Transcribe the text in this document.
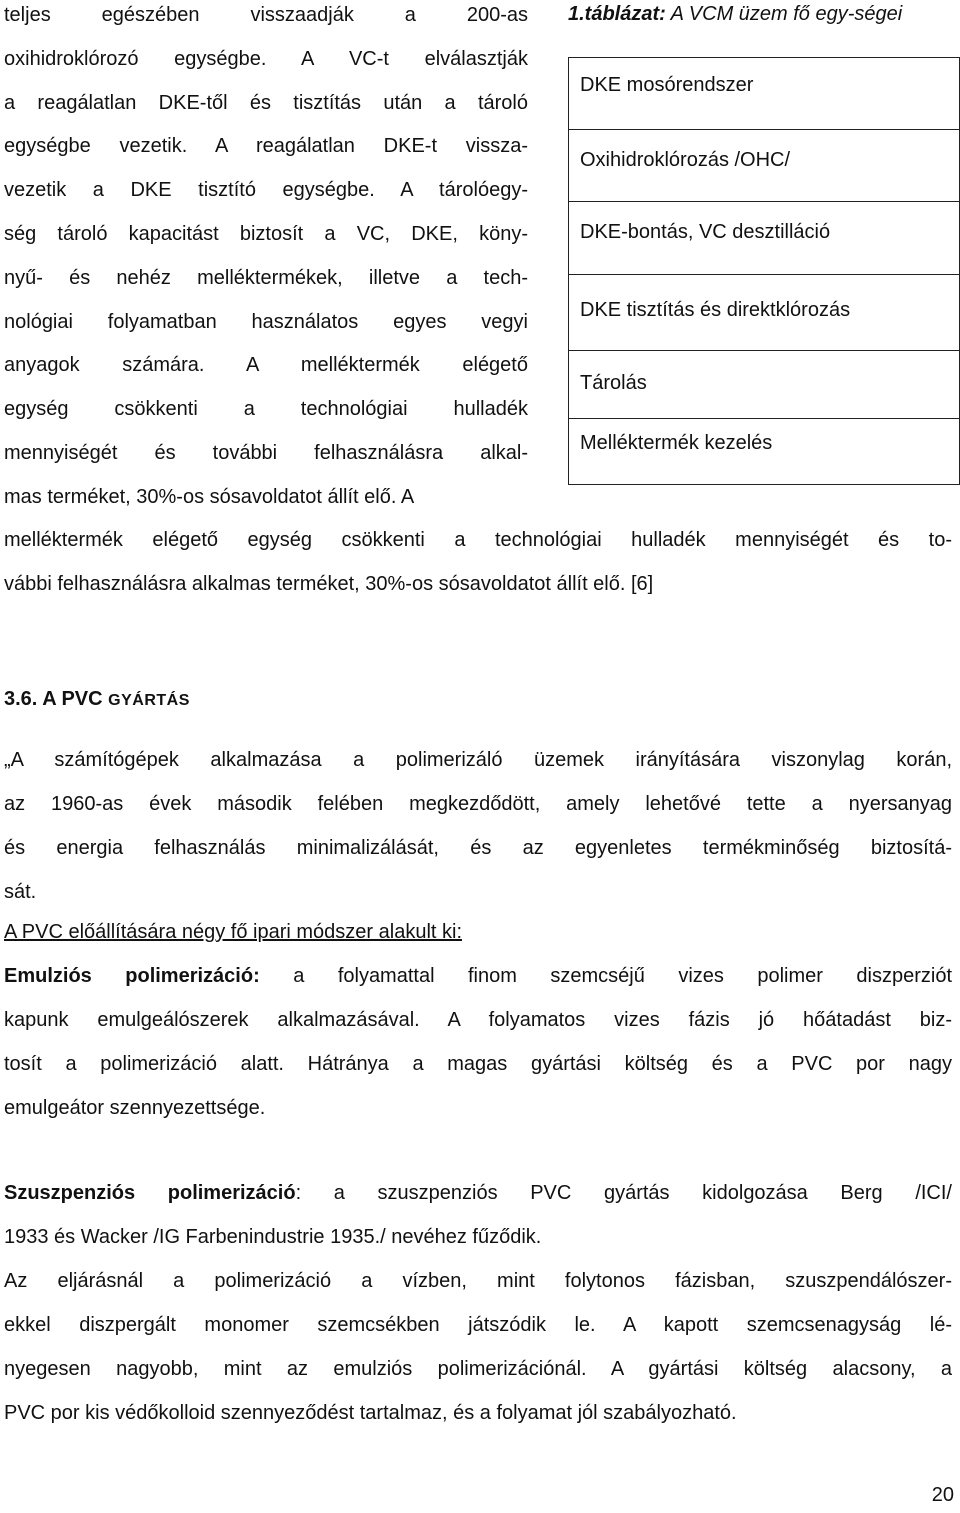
teljes egészében visszaadják a 200-as
oxihidroklórozó egységbe. A VC-t elválasztják
a reagálatlan DKE-től és tisztítás után a tároló
egységbe vezetik. A reagálatlan DKE-t vissza-
vezetik a DKE tisztító egységbe. A tárolóegy-
ség tároló kapacitást biztosít a VC, DKE, köny-
nyű- és nehéz melléktermékek, illetve a tech-
nológiai folyamatban használatos egyes vegyi
anyagok számára. A melléktermék elégető
egység csökkenti a technológiai hulladék
mennyiségét és további felhasználásra alkal-
mas terméket, 30%-os sósavoldatot állít elő. A
1.táblázat: A VCM üzem fő egy-ségei
DKE mosórendszer
Oxihidroklórozás /OHC/
DKE-bontás, VC desztilláció
DKE tisztítás és direktklórozás
Tárolás
Melléktermék kezelés
melléktermék elégető egység csökkenti a technológiai hulladék mennyiségét és to-
vábbi felhasználásra alkalmas terméket, 30%-os sósavoldatot állít elő. [6]
3.6. A PVC GYÁRTÁS
„A számítógépek alkalmazása a polimerizáló üzemek irányítására viszonylag korán,
az 1960-as évek második felében megkezdődött, amely lehetővé tette a nyersanyag
és energia felhasználás minimalizálását, és az egyenletes termékminőség biztosítá-
sát.
A PVC előállítására négy fő ipari módszer alakult ki:
Emulziós polimerizáció: a folyamattal finom szemcséjű vizes polimer diszperziót
kapunk emulgeálószerek alkalmazásával. A folyamatos vizes fázis jó hőátadást biz-
tosít a polimerizáció alatt. Hátránya a magas gyártási költség és a PVC por nagy
emulgeátor szennyezettsége.
Szuszpenziós polimerizáció: a szuszpenziós PVC gyártás kidolgozása Berg /ICI/
1933 és Wacker /IG Farbenindustrie 1935./ nevéhez fűződik.
Az eljárásnál a polimerizáció a vízben, mint folytonos fázisban, szuszpendálószer-
ekkel diszpergált monomer szemcsékben játszódik le. A kapott szemcsenagyság lé-
nyegesen nagyobb, mint az emulziós polimerizációnál. A gyártási költség alacsony, a
PVC por kis védőkolloid szennyeződést tartalmaz, és a folyamat jól szabályozható.
20
